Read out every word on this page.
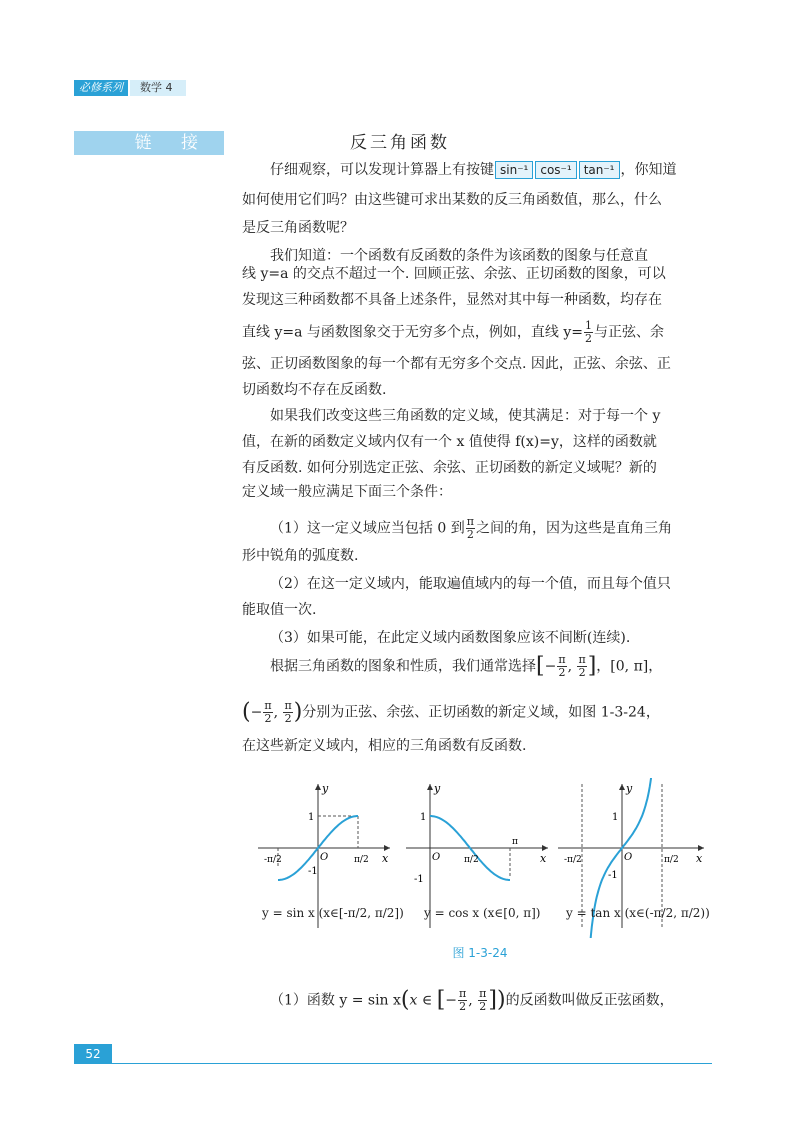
必修系列	数学 4
链 接	反三角函数
仔细观察，可以发现计算器上有按键 sin⁻¹ cos⁻¹ tan⁻¹ ，你知道
如何使用它们吗？由这些键可求出某数的反三角函数值，那么，什么
是反三角函数呢？
我们知道：一个函数有反函数的条件为该函数的图象与任意直
线 y=a 的交点不超过一个. 回顾正弦、余弦、正切函数的图象，可以
发现这三种函数都不具备上述条件，显然对其中每一种函数，均存在
直线 y=a 与函数图象交于无穷多个点，例如，直线 $y= \frac{1}{2}$ 与正弦、余
弦、正切函数图象的每一个都有无穷多个交点. 因此，正弦、余弦、正
切函数均不存在反函数.
如果我们改变这些三角函数的定义域，使其满足：对于每一个 y
值，在新的函数定义域内仅有一个 x 值使得 f(x)=y，这样的函数就
有反函数. 如何分别选定正弦、余弦、正切函数的新定义域呢？新的
定义域一般应满足下面三个条件：
（1）这一定义域应当包括 0 到 $\frac{\pi}{2}$ 之间的角，因为这些是直角三角
形中锐角的弧度数.
（2）在这一定义域内，能取遍值域内的每一个值，而且每个值只
能取值一次.
（3）如果可能，在此定义域内函数图象应该不间断(连续).
根据三角函数的图象和性质，我们通常选择[− $\frac{\pi}{2}$ , $\frac{\pi}{2}$ ]，[0, π]，
(− $\frac{\pi}{2}$ , $\frac{\pi}{2}$ )分别为正弦、余弦、正切函数的新定义域，如图 1-3-24，
在这些新定义域内，相应的三角函数有反函数.
x
y
1
O
-1
-π/2	π/2	x
y
1
O
-1
π/2
π
x
y
1
O
-1
-π/2	π/2
y = sin x (x∈[-π/2, π/2]) y = cos x (x∈[0, π]) y = tan x (x∈(-π/2, π/2))
图 1-3-24
（1）函数 y = sin x(x ∈ [− $\frac{\pi}{2}$ , $\frac{\pi}{2}$ ])的反函数叫做反正弦函数，
52
